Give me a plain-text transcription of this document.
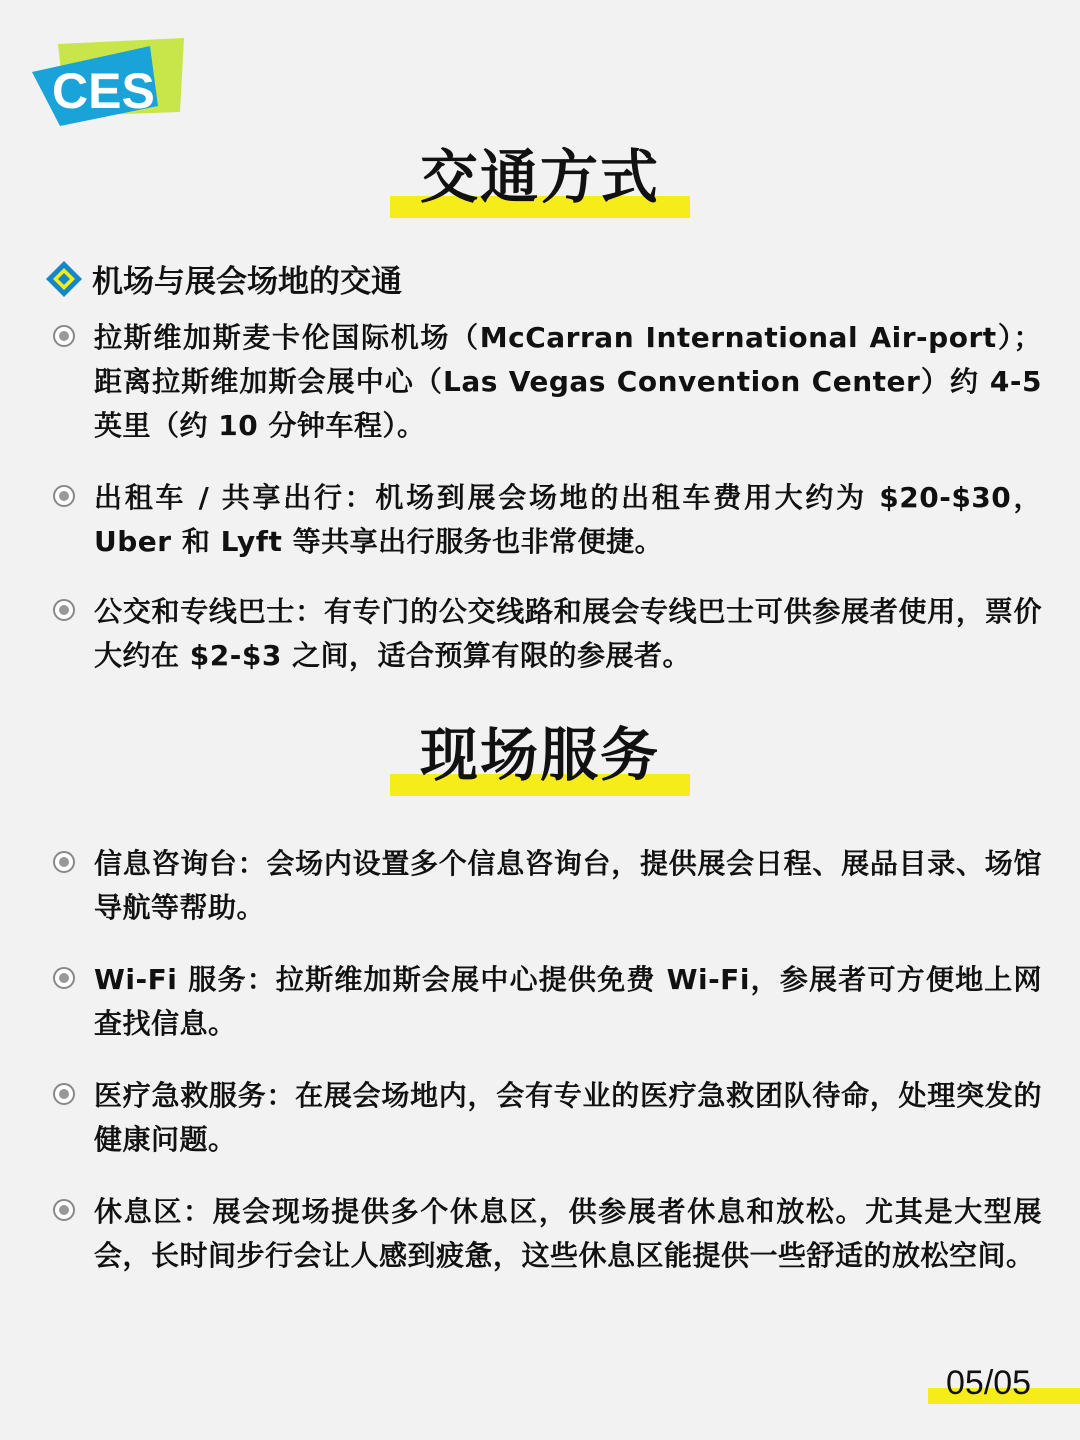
CES
交通方式
机场与展会场地的交通
拉斯维加斯麦卡伦国际机场（McCarran International Air-port）；距离拉斯维加斯会展中心（Las Vegas Convention Center）约 4-5 英里（约 10 分钟车程）。
出租车 / 共享出行：机场到展会场地的出租车费用大约为 $20-$30，Uber 和 Lyft 等共享出行服务也非常便捷。
公交和专线巴士：有专门的公交线路和展会专线巴士可供参展者使用，票价大约在 $2-$3 之间，适合预算有限的参展者。
现场服务
信息咨询台：会场内设置多个信息咨询台，提供展会日程、展品目录、场馆导航等帮助。
Wi-Fi 服务：拉斯维加斯会展中心提供免费 Wi-Fi，参展者可方便地上网查找信息。
医疗急救服务：在展会场地内，会有专业的医疗急救团队待命，处理突发的健康问题。
休息区：展会现场提供多个休息区，供参展者休息和放松。尤其是大型展会，长时间步行会让人感到疲惫，这些休息区能提供一些舒适的放松空间。
05/05
